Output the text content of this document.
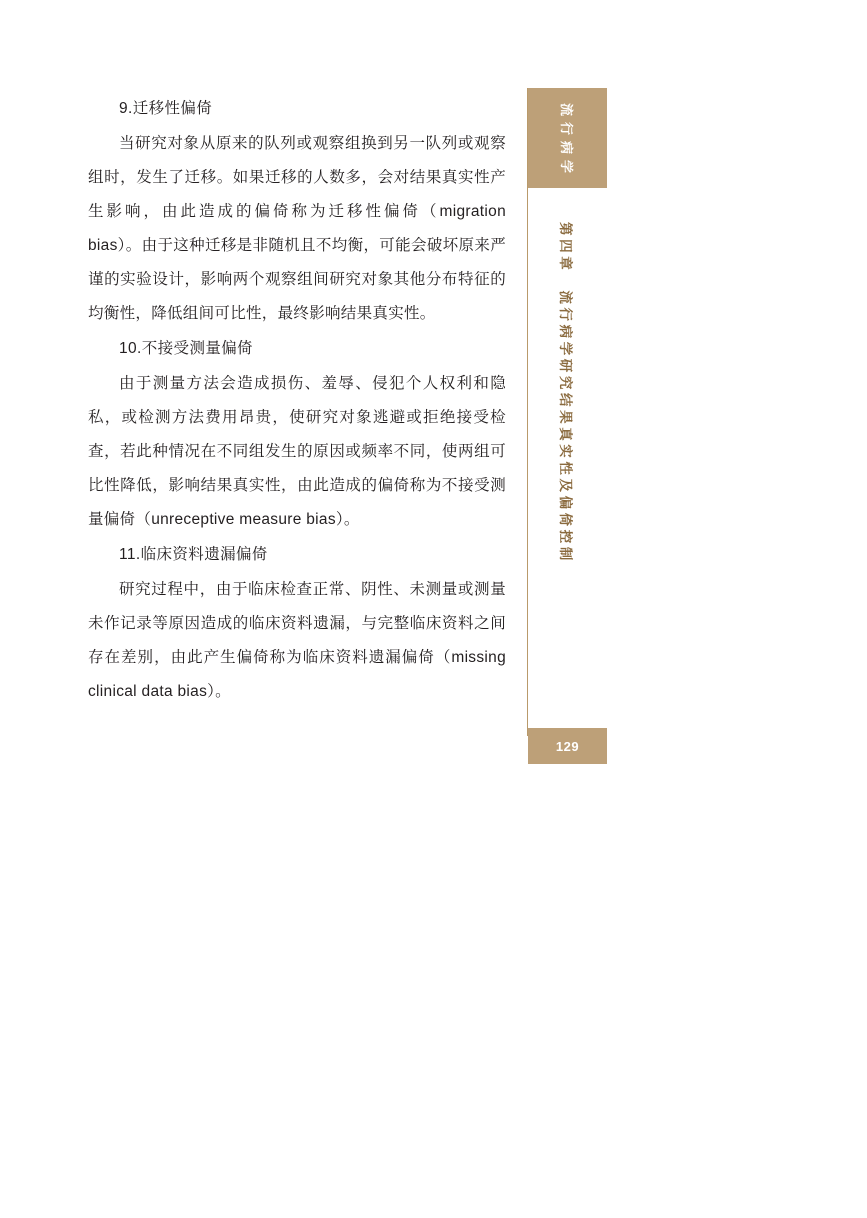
9.迁移性偏倚

当研究对象从原来的队列或观察组换到另一队列或观察组时，发生了迁移。如果迁移的人数多，会对结果真实性产生影响，由此造成的偏倚称为迁移性偏倚（migration bias）。由于这种迁移是非随机且不均衡，可能会破坏原来严谨的实验设计，影响两个观察组间研究对象其他分布特征的均衡性，降低组间可比性，最终影响结果真实性。

10.不接受测量偏倚

由于测量方法会造成损伤、羞辱、侵犯个人权利和隐私，或检测方法费用昂贵，使研究对象逃避或拒绝接受检查，若此种情况在不同组发生的原因或频率不同，使两组可比性降低，影响结果真实性，由此造成的偏倚称为不接受测量偏倚（unreceptive measure bias）。

11.临床资料遗漏偏倚

研究过程中，由于临床检查正常、阴性、未测量或测量未作记录等原因造成的临床资料遗漏，与完整临床资料之间存在差别，由此产生偏倚称为临床资料遗漏偏倚（missing clinical data bias）。

流行病学
第四章　流行病学研究结果真实性及偏倚控制
129
